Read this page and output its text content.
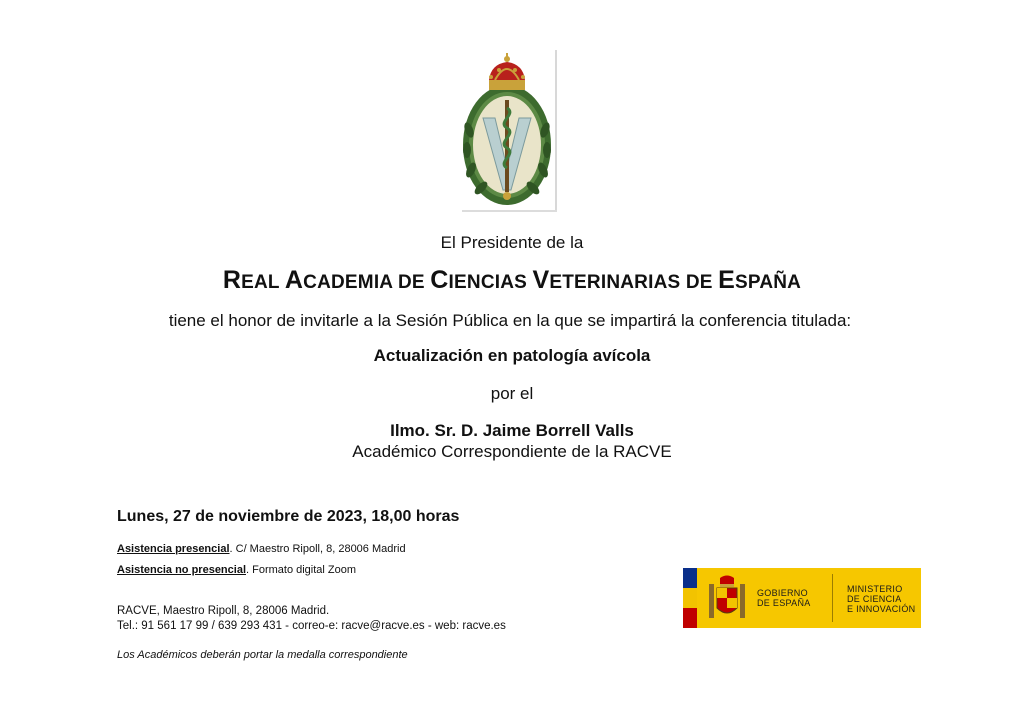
El Presidente de la
REAL ACADEMIA DE CIENCIAS VETERINARIAS DE ESPAÑA
tiene el honor de invitarle a la Sesión Pública en la que se impartirá la conferencia titulada:
Actualización en patología avícola
por el
Ilmo. Sr. D. Jaime Borrell Valls
Académico Correspondiente de la RACVE
Lunes, 27 de noviembre de 2023, 18,00 horas
Asistencia presencial. C/ Maestro Ripoll, 8, 28006 Madrid
Asistencia no presencial. Formato digital Zoom
RACVE, Maestro Ripoll, 8, 28006 Madrid.
Tel.: 91 561 17 99 / 639 293 431 - correo-e: racve@racve.es - web: racve.es
Los Académicos deberán portar la medalla correspondiente
GOBIERNO
DE ESPAÑA
MINISTERIO
DE CIENCIA
E INNOVACIÓN
